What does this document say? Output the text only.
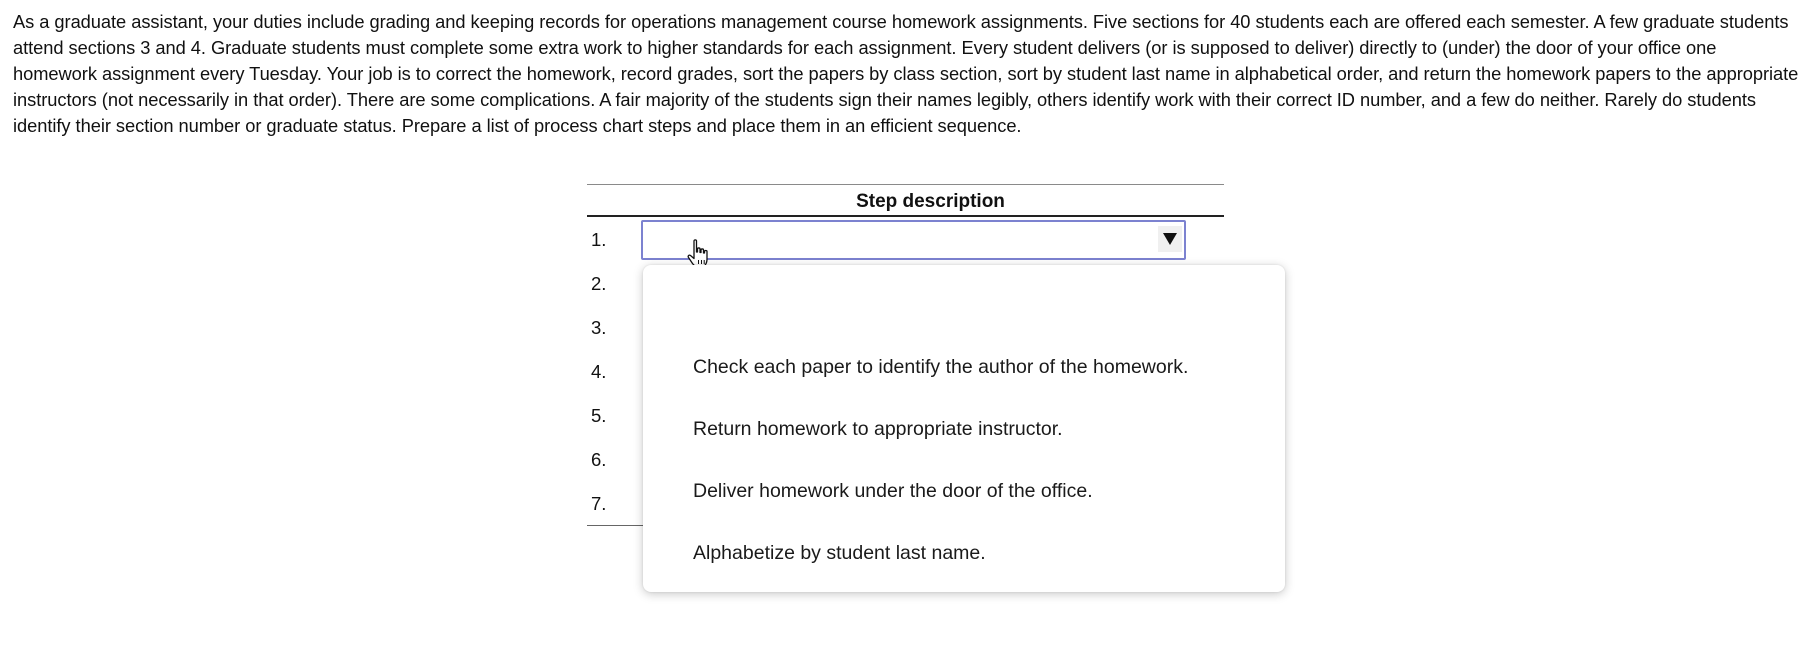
As a graduate assistant, your duties include grading and keeping records for operations management course homework assignments. Five sections for 40 students each are offered each semester. A few graduate students attend sections 3 and 4. Graduate students must complete some extra work to higher standards for each assignment. Every student delivers (or is supposed to deliver) directly to (under) the door of your office one homework assignment every Tuesday. Your job is to correct the homework, record grades, sort the papers by class section, sort by student last name in alphabetical order, and return the homework papers to the appropriate instructors (not necessarily in that order). There are some complications. A fair majority of the students sign their names legibly, others identify work with their correct ID number, and a few do neither. Rarely do students identify their section number or graduate status. Prepare a list of process chart steps and place them in an efficient sequence.

Step description
1.
2.
3.
4.
5.
6.
7.
Check each paper to identify the author of the homework.
Return homework to appropriate instructor.
Deliver homework under the door of the office.
Alphabetize by student last name.
